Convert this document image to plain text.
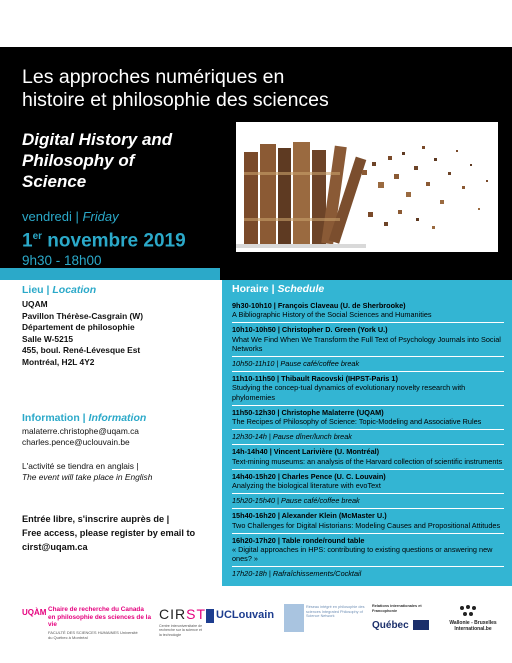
Les approches numériques en
histoire et philosophie des sciences
Digital History and
Philosophy of
Science
vendredi | Friday
1er novembre 2019
9h30 - 18h00
Lieu | Location
UQAM
Pavillon Thérèse-Casgrain (W)
Département de philosophie
Salle W-5215
455, boul. René-Lévesque Est
Montréal, H2L 4Y2
Information | Information
malaterre.christophe@uqam.ca
charles.pence@uclouvain.be
L'activité se tiendra en anglais |
The event will take place in English
Entrée libre, s'inscrire auprès de |
Free access, please register by email to
cirst@uqam.ca
Horaire | Schedule
9h30-10h10 | François Claveau (U. de Sherbrooke)
A Bibliographic History of the Social Sciences and Humanities
10h10-10h50 | Christopher D. Green (York U.)
What We Find When We Transform the Full Text of Psychology Journals into Social Networks
10h50-11h10 | Pause café/coffee break
11h10-11h50 | Thibault Racovski (IHPST-Paris 1)
Studying the concep-tual dynamics of evolutionary novelty research with phylomemies
11h50-12h30 | Christophe Malaterre (UQAM)
The Recipes of Philosophy of Science: Topic-Modeling and Associative Rules
12h30-14h | Pause dîner/lunch break
14h-14h40 | Vincent Larivière (U. Montréal)
Text-mining museums: an analysis of the Harvard collection of scientific instruments
14h40-15h20 | Charles Pence (U. C. Louvain)
Analyzing the biological literature with evoText
15h20-15h40 | Pause café/coffee break
15h40-16h20 | Alexander Klein (McMaster U.)
Two Challenges for Digital Historians: Modeling Causes and Propositional Attitudes
16h20-17h20 | Table ronde/round table
« Digital approaches in HPS: contributing to existing questions or answering new ones? »
17h20-18h | Rafraîchissements/Cocktail
UQÀM Chaire de recherche du Canada en philosophie des sciences de la vie
FACULTÉ DES SCIENCES HUMAINES Université du Québec à Montréal
CIRST
Centre interuniversitaire de recherche sur la science et la technologie
UCLouvain
Réseau intégré en philosophie des sciences Integrated Philosophy of Science Network
Relations internationales et Francophonie
Québec	Wallonie - Bruxelles International.be
